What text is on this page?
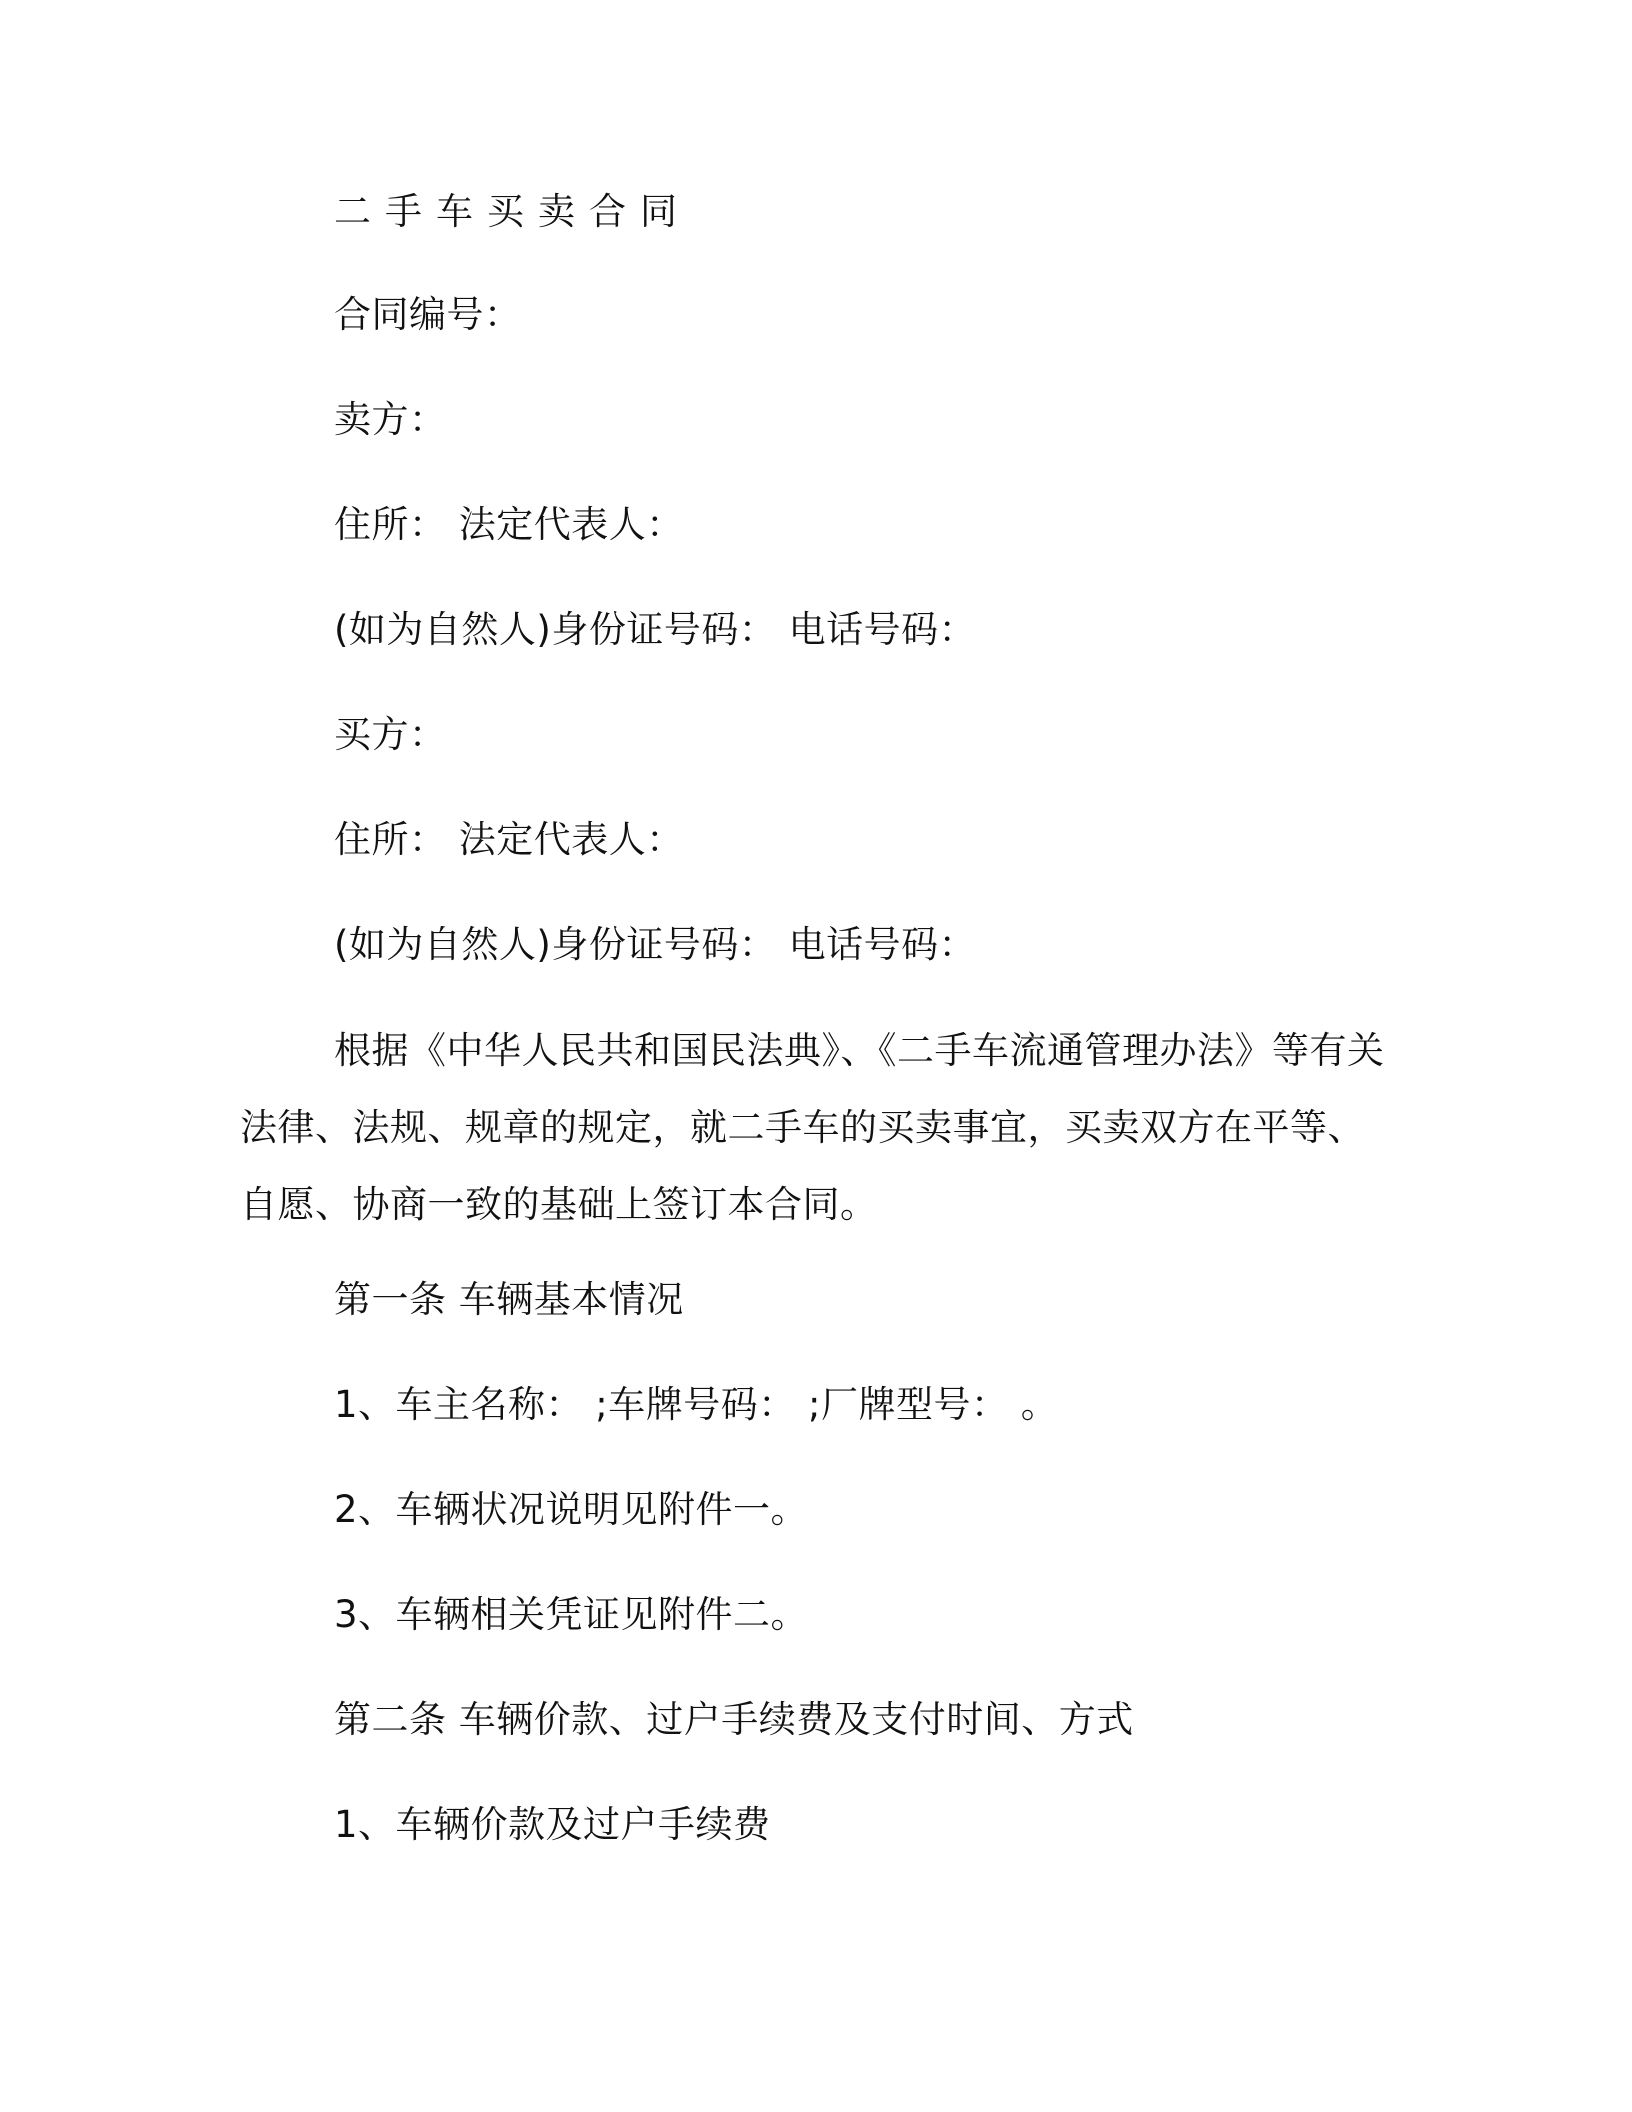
二手车买卖合同
合同编号：
卖方：
住所： 法定代表人：
(如为自然人)身份证号码： 电话号码：
买方：
住所： 法定代表人：
(如为自然人)身份证号码： 电话号码：
根据《中华人民共和国民法典》、《二手车流通管理办法》等有关法律、法规、规章的规定，就二手车的买卖事宜，买卖双方在平等、自愿、协商一致的基础上签订本合同。
第一条 车辆基本情况
1、车主名称： ;车牌号码： ;厂牌型号： 。
2、车辆状况说明见附件一。
3、车辆相关凭证见附件二。
第二条 车辆价款、过户手续费及支付时间、方式
1、车辆价款及过户手续费
